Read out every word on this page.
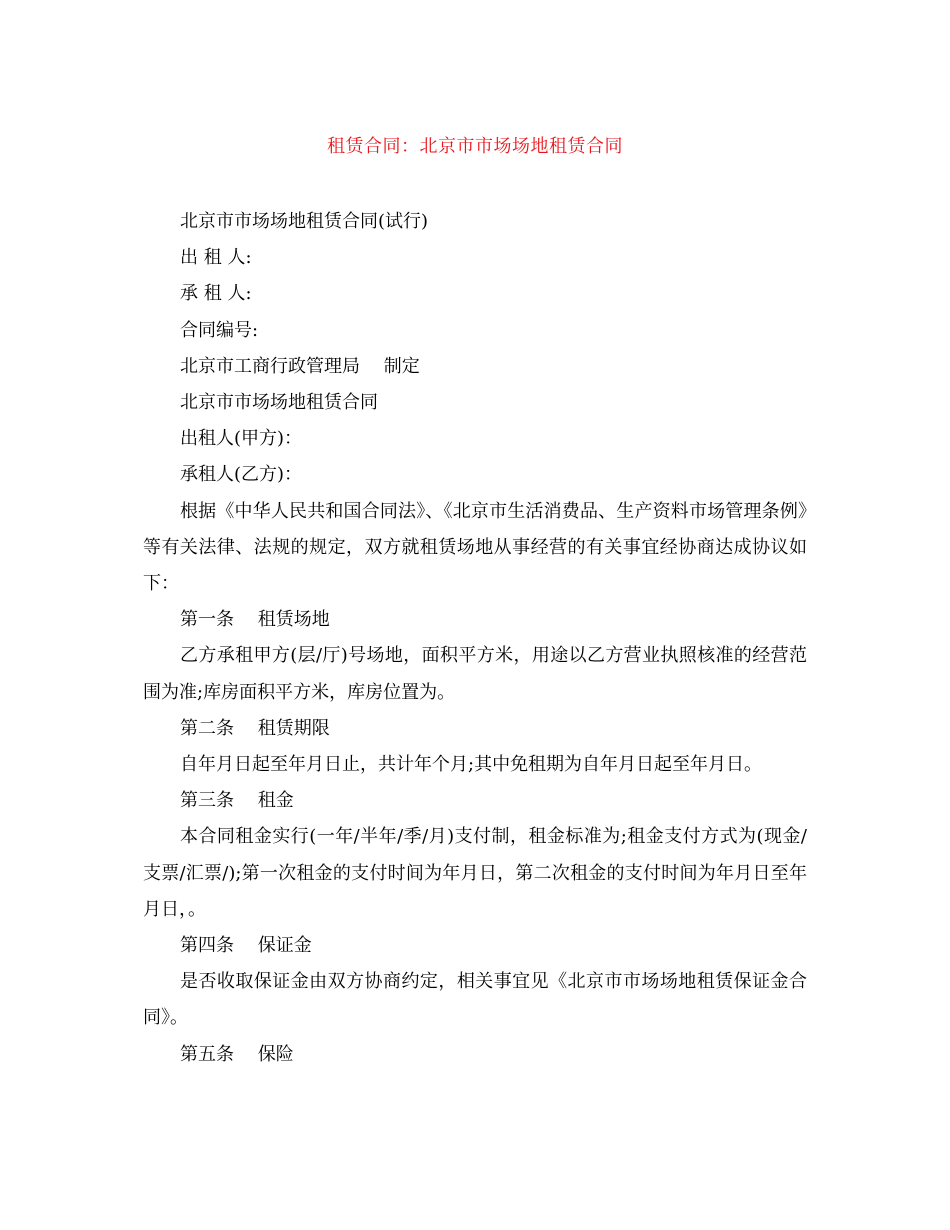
租赁合同：北京市市场场地租赁合同

北京市市场场地租赁合同(试行)

出 租 人:

承 租 人:

合同编号:

北京市工商行政管理局　 制定

北京市市场场地租赁合同

出租人(甲方)：

承租人(乙方)：

根据《中华人民共和国合同法》、《北京市生活消费品、生产资料市场管理条例》等有关法律、法规的规定，双方就租赁场地从事经营的有关事宜经协商达成协议如下：

第一条　 租赁场地

乙方承租甲方(层/厅)号场地，面积平方米，用途以乙方营业执照核准的经营范围为准;库房面积平方米，库房位置为。

第二条　 租赁期限

自年月日起至年月日止，共计年个月;其中免租期为自年月日起至年月日。

第三条　 租金

本合同租金实行(一年/半年/季/月)支付制，租金标准为;租金支付方式为(现金/支票/汇票/);第一次租金的支付时间为年月日，第二次租金的支付时间为年月日至年月日，。

第四条　 保证金

是否收取保证金由双方协商约定，相关事宜见《北京市市场场地租赁保证金合同》。

第五条　 保险
